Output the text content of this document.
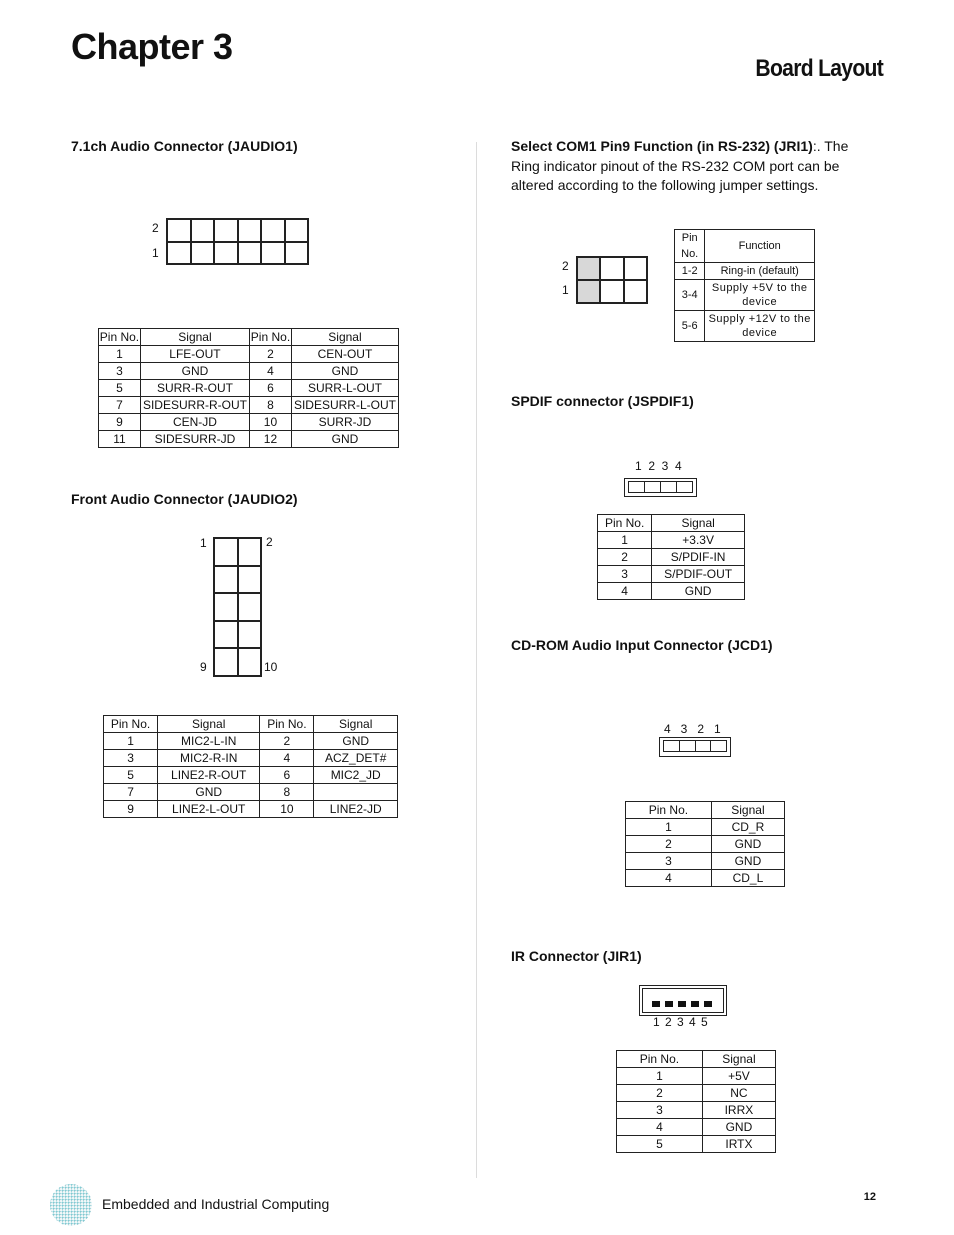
Chapter 3
Board Layout
7.1ch Audio Connector (JAUDIO1)
2
1
Pin No.	Signal	Pin No.	Signal
1	LFE-OUT	2	CEN-OUT
3	GND	4	GND
5	SURR-R-OUT	6	SURR-L-OUT
7	SIDESURR-R-OUT	8	SIDESURR-L-OUT
9	CEN-JD	10	SURR-JD
11	SIDESURR-JD	12	GND
Front Audio Connector (JAUDIO2)
1	2
9	10
Pin No.	Signal	Pin No.	Signal
1	MIC2-L-IN	2	GND
3	MIC2-R-IN	4	ACZ_DET#
5	LINE2-R-OUT	6	MIC2_JD
7	GND	8	
9	LINE2-L-OUT	10	LINE2-JD
Select COM1 Pin9 Function (in RS-232) (JRI1):. The Ring indicator pinout of the RS-232 COM port can be altered according to the following jumper settings.
2
1
Pin No.	Function
1-2	Ring-in (default)
3-4	Supply +5V to the device
5-6	Supply +12V to the device
SPDIF connector (JSPDIF1)
1  2  3  4
Pin No.	Signal
1	+3.3V
2	S/PDIF-IN
3	S/PDIF-OUT
4	GND
CD-ROM Audio Input Connector (JCD1)
4   3   2   1
Pin No.	Signal
1	CD_R
2	GND
3	GND
4	CD_L
IR Connector (JIR1)
1 2 3 4 5
Pin No.	Signal
1	+5V
2	NC
3	IRRX
4	GND
5	IRTX
Embedded and Industrial Computing	12
